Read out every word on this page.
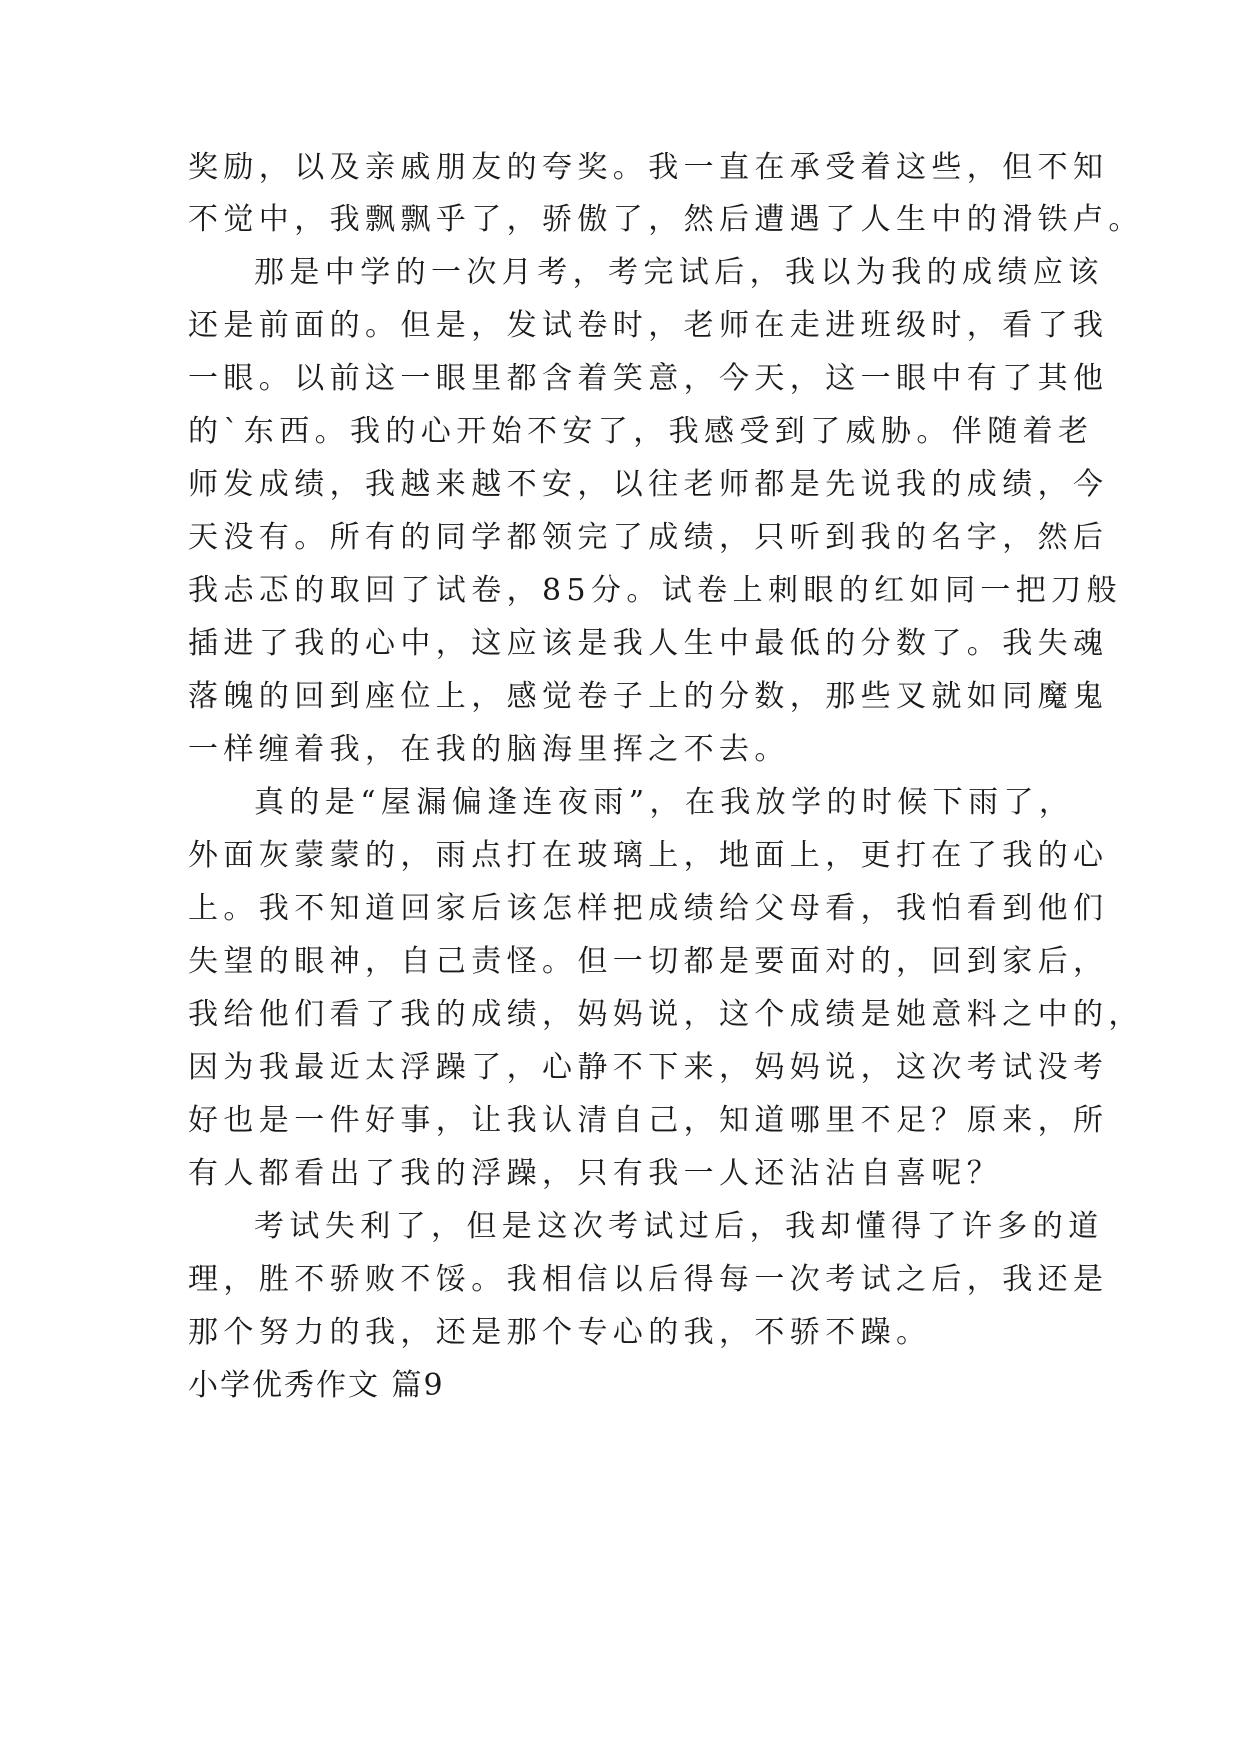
奖励，以及亲戚朋友的夸奖。我一直在承受着这些，但不知
不觉中，我飘飘乎了，骄傲了，然后遭遇了人生中的滑铁卢。
那是中学的一次月考，考完试后，我以为我的成绩应该
还是前面的。但是，发试卷时，老师在走进班级时，看了我
一眼。以前这一眼里都含着笑意，今天，这一眼中有了其他
的`东西。我的心开始不安了，我感受到了威胁。伴随着老
师发成绩，我越来越不安，以往老师都是先说我的成绩，今
天没有。所有的同学都领完了成绩，只听到我的名字，然后
我忐忑的取回了试卷，85分。试卷上刺眼的红如同一把刀般
插进了我的心中，这应该是我人生中最低的分数了。我失魂
落魄的回到座位上，感觉卷子上的分数，那些叉就如同魔鬼
一样缠着我，在我的脑海里挥之不去。
真的是“屋漏偏逢连夜雨”，在我放学的时候下雨了，
外面灰蒙蒙的，雨点打在玻璃上，地面上，更打在了我的心
上。我不知道回家后该怎样把成绩给父母看，我怕看到他们
失望的眼神，自己责怪。但一切都是要面对的，回到家后，
我给他们看了我的成绩，妈妈说，这个成绩是她意料之中的，
因为我最近太浮躁了，心静不下来，妈妈说，这次考试没考
好也是一件好事，让我认清自己，知道哪里不足？原来，所
有人都看出了我的浮躁，只有我一人还沾沾自喜呢？
考试失利了，但是这次考试过后，我却懂得了许多的道
理，胜不骄败不馁。我相信以后得每一次考试之后，我还是
那个努力的我，还是那个专心的我，不骄不躁。
小学优秀作文 篇9
